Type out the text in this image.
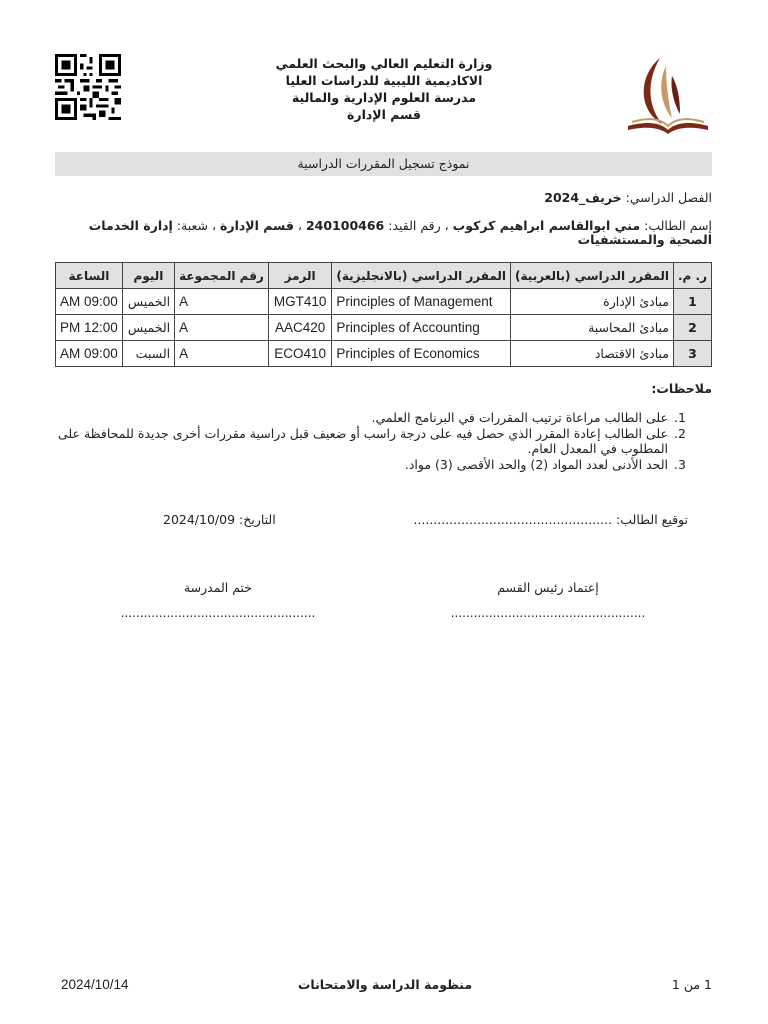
وزارة التعليم العالي والبحث العلمي
الاكاديمية الليبية للدراسات العليا
مدرسة العلوم الإدارية والمالية
قسم الإدارة
نموذج تسجيل المقررات الدراسية
الفصل الدراسي: خريف_2024
إسم الطالب: مني ابوالقاسم ابراهيم كركوب ، رقم القيد: 240100466 ، قسم الإدارة ، شعبة: إدارة الخدمات الصحية والمستشفيات
ر. م.	المقرر الدراسي (بالعربية)	المقرر الدراسي (بالانجليزية)	الرمز	رقم المجموعة	اليوم	الساعة
1	مبادئ الإدارة	Principles of Management	MGT410	A	الخميس	09:00 AM
2	مبادئ المحاسبة	Principles of Accounting	AAC420	A	الخميس	12:00 PM
3	مبادئ الاقتصاد	Principles of Economics	ECO410	A	السبت	09:00 AM
ملاحظات:
1. على الطالب مراعاة ترتيب المقررات في البرنامج العلمي.
2. على الطالب إعادة المقرر الذي حصل فيه على درجة راسب أو ضعيف قبل دراسية مقررات أخرى جديدة للمحافظة على المطلوب في المعدل العام.
3. الحد الأدنى لعدد المواد (2) والحد الأقصى (3) مواد.
توقيع الطالب: ..................................................
التاريخ: 2024/10/09
إعتماد رئيس القسم
ختم المدرسة
...................................................
...................................................
2024/10/14	منظومة الدراسة والامتحانات	1 من 1
